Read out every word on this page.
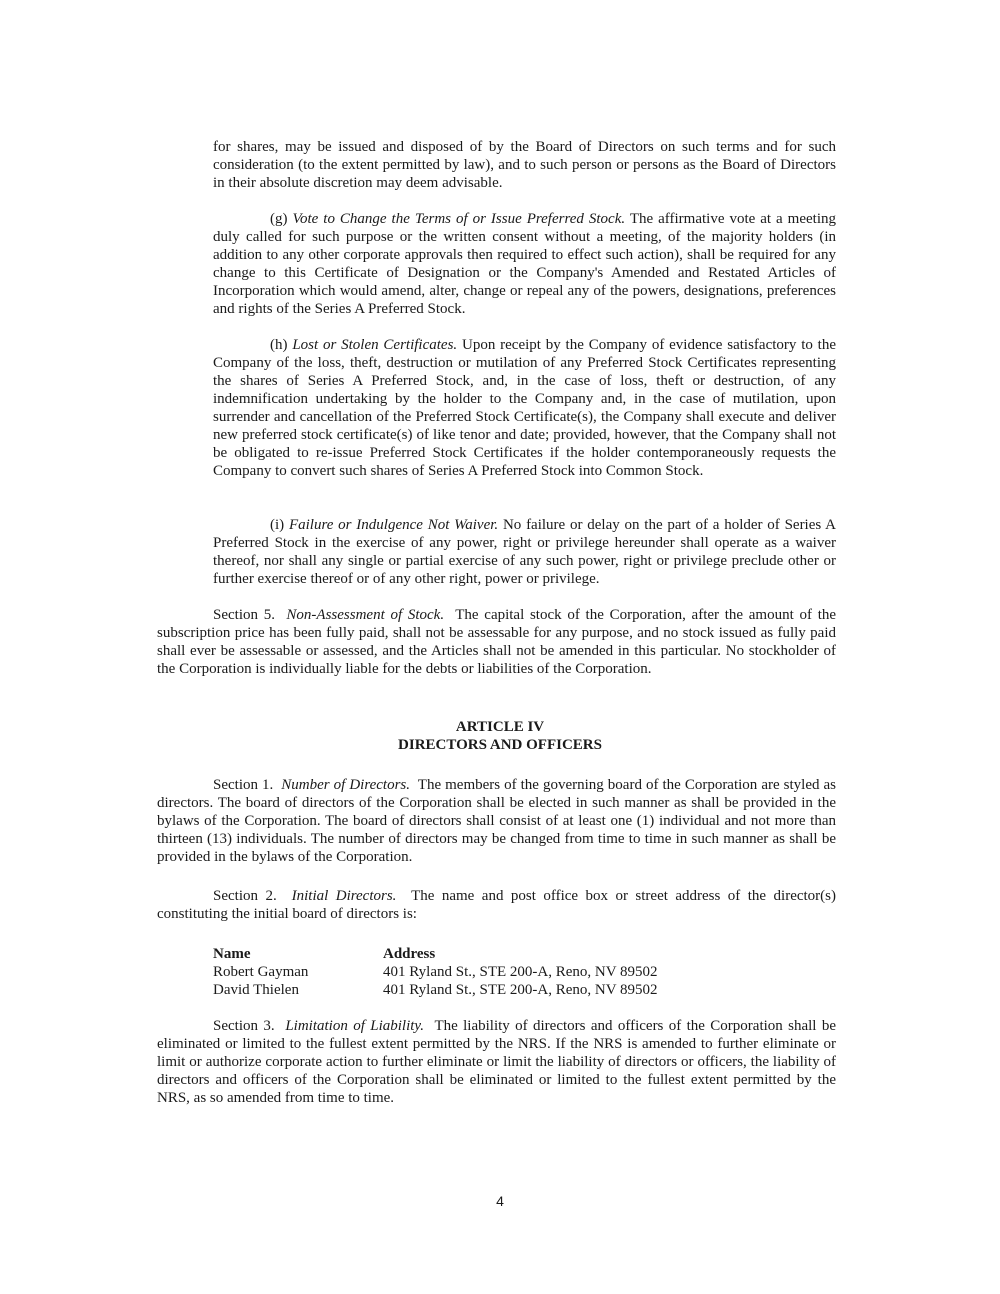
for shares, may be issued and disposed of by the Board of Directors on such terms and for such consideration (to the extent permitted by law), and to such person or persons as the Board of Directors in their absolute discretion may deem advisable.

(g) Vote to Change the Terms of or Issue Preferred Stock. The affirmative vote at a meeting duly called for such purpose or the written consent without a meeting, of the majority holders (in addition to any other corporate approvals then required to effect such action), shall be required for any change to this Certificate of Designation or the Company's Amended and Restated Articles of Incorporation which would amend, alter, change or repeal any of the powers, designations, preferences and rights of the Series A Preferred Stock.

(h) Lost or Stolen Certificates. Upon receipt by the Company of evidence satisfactory to the Company of the loss, theft, destruction or mutilation of any Preferred Stock Certificates representing the shares of Series A Preferred Stock, and, in the case of loss, theft or destruction, of any indemnification undertaking by the holder to the Company and, in the case of mutilation, upon surrender and cancellation of the Preferred Stock Certificate(s), the Company shall execute and deliver new preferred stock certificate(s) of like tenor and date; provided, however, that the Company shall not be obligated to re-issue Preferred Stock Certificates if the holder contemporaneously requests the Company to convert such shares of Series A Preferred Stock into Common Stock.

(i) Failure or Indulgence Not Waiver. No failure or delay on the part of a holder of Series A Preferred Stock in the exercise of any power, right or privilege hereunder shall operate as a waiver thereof, nor shall any single or partial exercise of any such power, right or privilege preclude other or further exercise thereof or of any other right, power or privilege.

Section 5. Non-Assessment of Stock. The capital stock of the Corporation, after the amount of the subscription price has been fully paid, shall not be assessable for any purpose, and no stock issued as fully paid shall ever be assessable or assessed, and the Articles shall not be amended in this particular. No stockholder of the Corporation is individually liable for the debts or liabilities of the Corporation.

ARTICLE IV

DIRECTORS AND OFFICERS

Section 1. Number of Directors. The members of the governing board of the Corporation are styled as directors. The board of directors of the Corporation shall be elected in such manner as shall be provided in the bylaws of the Corporation. The board of directors shall consist of at least one (1) individual and not more than thirteen (13) individuals. The number of directors may be changed from time to time in such manner as shall be provided in the bylaws of the Corporation.

Section 2. Initial Directors. The name and post office box or street address of the director(s) constituting the initial board of directors is:

Name	Address
Robert Gayman	401 Ryland St., STE 200-A, Reno, NV 89502
David Thielen	401 Ryland St., STE 200-A, Reno, NV 89502

Section 3. Limitation of Liability. The liability of directors and officers of the Corporation shall be eliminated or limited to the fullest extent permitted by the NRS. If the NRS is amended to further eliminate or limit or authorize corporate action to further eliminate or limit the liability of directors or officers, the liability of directors and officers of the Corporation shall be eliminated or limited to the fullest extent permitted by the NRS, as so amended from time to time.

4
